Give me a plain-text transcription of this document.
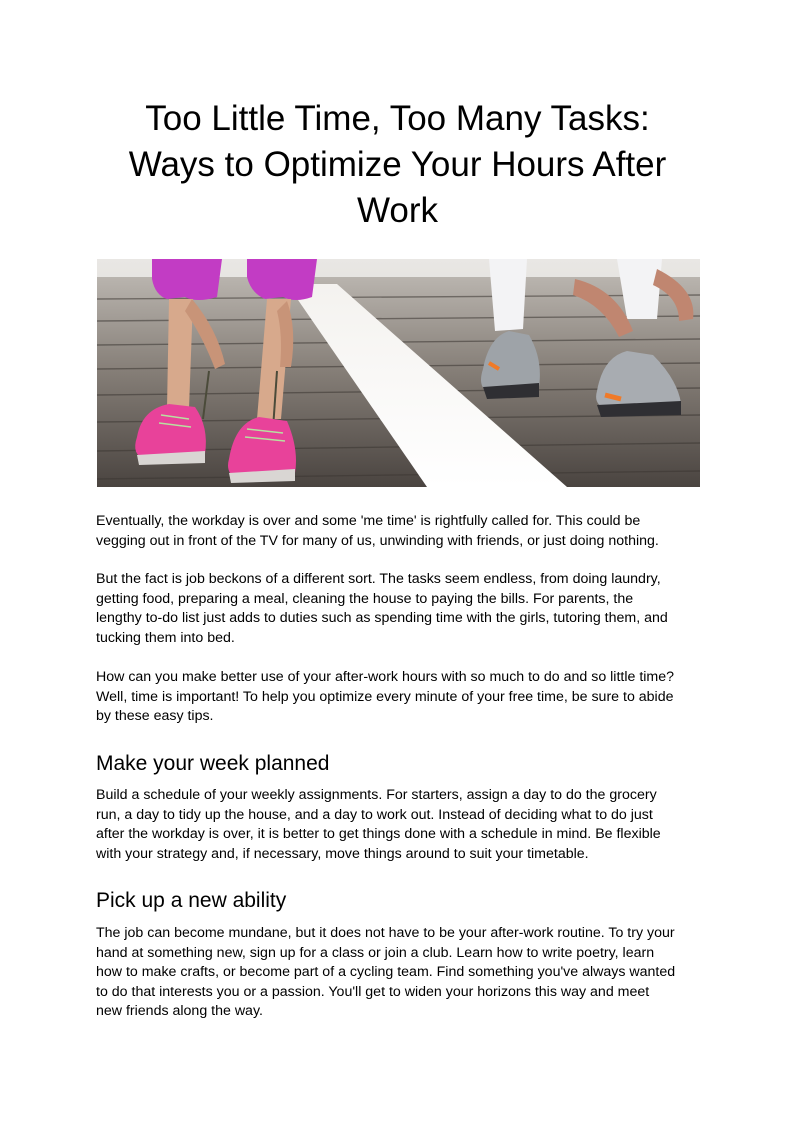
Too Little Time, Too Many Tasks:
Ways to Optimize Your Hours After
Work

Eventually, the workday is over and some 'me time' is rightfully called for. This could be
vegging out in front of the TV for many of us, unwinding with friends, or just doing nothing.

But the fact is job beckons of a different sort. The tasks seem endless, from doing laundry,
getting food, preparing a meal, cleaning the house to paying the bills. For parents, the
lengthy to-do list just adds to duties such as spending time with the girls, tutoring them, and
tucking them into bed.

How can you make better use of your after-work hours with so much to do and so little time?
Well, time is important! To help you optimize every minute of your free time, be sure to abide
by these easy tips.

Make your week planned

Build a schedule of your weekly assignments. For starters, assign a day to do the grocery
run, a day to tidy up the house, and a day to work out. Instead of deciding what to do just
after the workday is over, it is better to get things done with a schedule in mind. Be flexible
with your strategy and, if necessary, move things around to suit your timetable.

Pick up a new ability

The job can become mundane, but it does not have to be your after-work routine. To try your
hand at something new, sign up for a class or join a club. Learn how to write poetry, learn
how to make crafts, or become part of a cycling team. Find something you've always wanted
to do that interests you or a passion. You'll get to widen your horizons this way and meet
new friends along the way.
